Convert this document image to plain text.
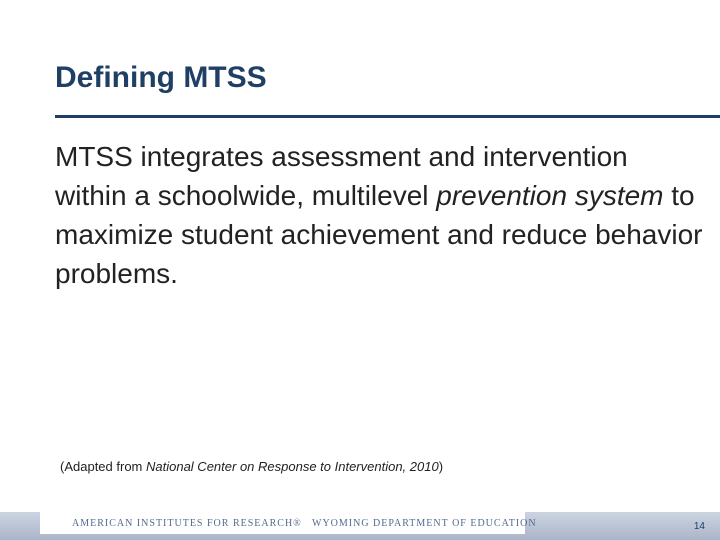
Defining MTSS

MTSS integrates assessment and intervention within a schoolwide, multilevel prevention system to maximize student achievement and reduce behavior problems.

(Adapted from National Center on Response to Intervention, 2010)

AMERICAN INSTITUTES FOR RESEARCH® WYOMING DEPARTMENT OF EDUCATION	14
